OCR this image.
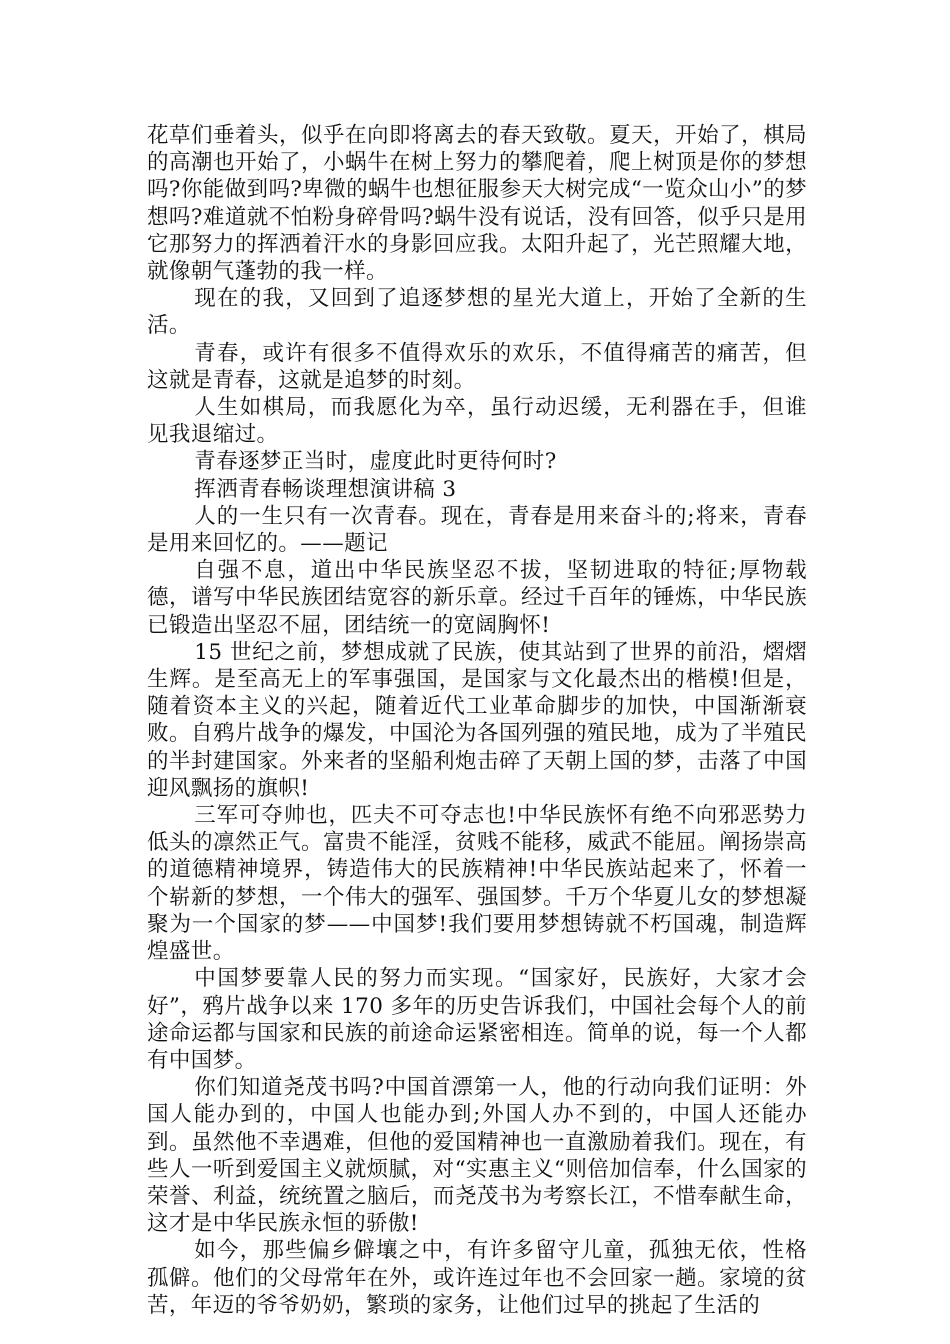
花草们垂着头，似乎在向即将离去的春天致敬。夏天，开始了，棋局的高潮也开始了，小蜗牛在树上努力的攀爬着，爬上树顶是你的梦想吗?你能做到吗?卑微的蜗牛也想征服参天大树完成“一览众山小”的梦想吗?难道就不怕粉身碎骨吗?蜗牛没有说话，没有回答，似乎只是用它那努力的挥洒着汗水的身影回应我。太阳升起了，光芒照耀大地，就像朝气蓬勃的我一样。

现在的我，又回到了追逐梦想的星光大道上，开始了全新的生活。

青春，或许有很多不值得欢乐的欢乐，不值得痛苦的痛苦，但这就是青春，这就是追梦的时刻。

人生如棋局，而我愿化为卒，虽行动迟缓，无利器在手，但谁见我退缩过。

青春逐梦正当时，虚度此时更待何时?

挥洒青春畅谈理想演讲稿 3

人的一生只有一次青春。现在，青春是用来奋斗的;将来，青春是用来回忆的。——题记

自强不息，道出中华民族坚忍不拔，坚韧进取的特征;厚物载德，谱写中华民族团结宽容的新乐章。经过千百年的锤炼，中华民族已锻造出坚忍不屈，团结统一的宽阔胸怀!

15 世纪之前，梦想成就了民族，使其站到了世界的前沿，熠熠生辉。是至高无上的军事强国，是国家与文化最杰出的楷模!但是，随着资本主义的兴起，随着近代工业革命脚步的加快，中国渐渐衰败。自鸦片战争的爆发，中国沦为各国列强的殖民地，成为了半殖民的半封建国家。外来者的坚船利炮击碎了天朝上国的梦，击落了中国迎风飘扬的旗帜!

三军可夺帅也，匹夫不可夺志也!中华民族怀有绝不向邪恶势力低头的凛然正气。富贵不能淫，贫贱不能移，威武不能屈。阐扬崇高的道德精神境界，铸造伟大的民族精神!中华民族站起来了，怀着一个崭新的梦想，一个伟大的强军、强国梦。千万个华夏儿女的梦想凝聚为一个国家的梦——中国梦!我们要用梦想铸就不朽国魂，制造辉煌盛世。

中国梦要靠人民的努力而实现。“国家好，民族好，大家才会好”，鸦片战争以来 170 多年的历史告诉我们，中国社会每个人的前途命运都与国家和民族的前途命运紧密相连。简单的说，每一个人都有中国梦。

你们知道尧茂书吗?中国首漂第一人，他的行动向我们证明：外国人能办到的，中国人也能办到;外国人办不到的，中国人还能办到。虽然他不幸遇难，但他的爱国精神也一直激励着我们。现在，有些人一听到爱国主义就烦腻，对“实惠主义“则倍加信奉，什么国家的荣誉、利益，统统置之脑后，而尧茂书为考察长江，不惜奉献生命，这才是中华民族永恒的骄傲!

如今，那些偏乡僻壤之中，有许多留守儿童，孤独无依，性格孤僻。他们的父母常年在外，或许连过年也不会回家一趟。家境的贫苦，年迈的爷爷奶奶，繁琐的家务，让他们过早的挑起了生活的
